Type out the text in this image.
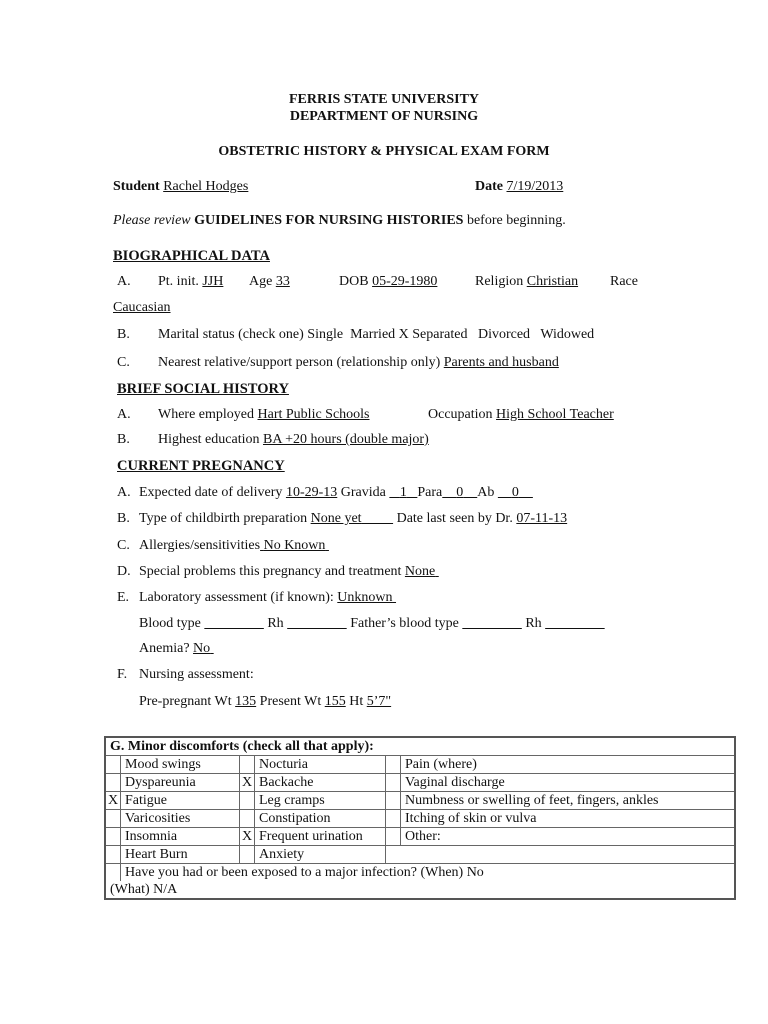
FERRIS STATE UNIVERSITY
DEPARTMENT OF NURSING
OBSTETRIC HISTORY & PHYSICAL EXAM FORM
Student Rachel Hodges	Date 7/19/2013
Please review GUIDELINES FOR NURSING HISTORIES before beginning.
BIOGRAPHICAL DATA
A. Pt. init. JJH Age 33	DOB 05-29-1980	Religion Christian Race
Caucasian
B. Marital status (check one) Single Married X Separated Divorced Widowed
C. Nearest relative/support person (relationship only) Parents and husband
BRIEF SOCIAL HISTORY
A. Where employed Hart Public Schools	Occupation High School Teacher
B. Highest education BA +20 hours (double major)
CURRENT PREGNANCY
A. Expected date of delivery 10-29-13 Gravida 1 Para 0 Ab 0
B. Type of childbirth preparation None yet	Date last seen by Dr. 07-11-13
C. Allergies/sensitivities No Known
D. Special problems this pregnancy and treatment None
E. Laboratory assessment (if known): Unknown
Blood type	Rh	Father’s blood type	Rh
Anemia? No
F. Nursing assessment:
Pre-pregnant Wt 135 Present Wt 155 Ht 5’7"
G. Minor discomforts (check all that apply):					
	Mood swings		Nocturia		Pain (where)
	Dyspareunia	X	Backache		Vaginal discharge
X	Fatigue		Leg cramps		Numbness or swelling of feet, fingers, ankles
	Varicosities		Constipation		Itching of skin or vulva
	Insomnia	X	Frequent urination		Other:
	Heart Burn		Anxiety		
	Have you had or been exposed to a major infection? (When) No				
(What) N/A					
